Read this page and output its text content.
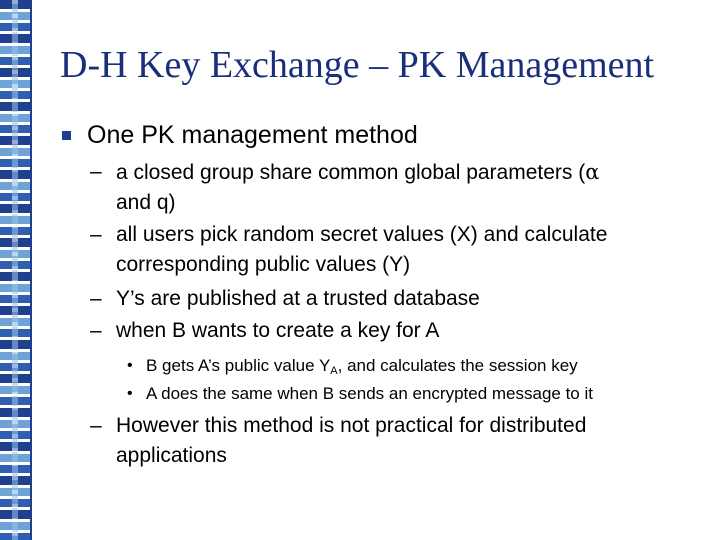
D-H Key Exchange – PK Management
One PK management method
– a closed group share common global parameters (α
and q)
– all users pick random secret values (X) and calculate corresponding public values (Y)
– Y’s are published at a trusted database
– when B wants to create a key for A
• B gets A’s public value $Y_A$, and calculates the session key
• A does the same when B sends an encrypted message to it
– However this method is not practical for distributed applications
